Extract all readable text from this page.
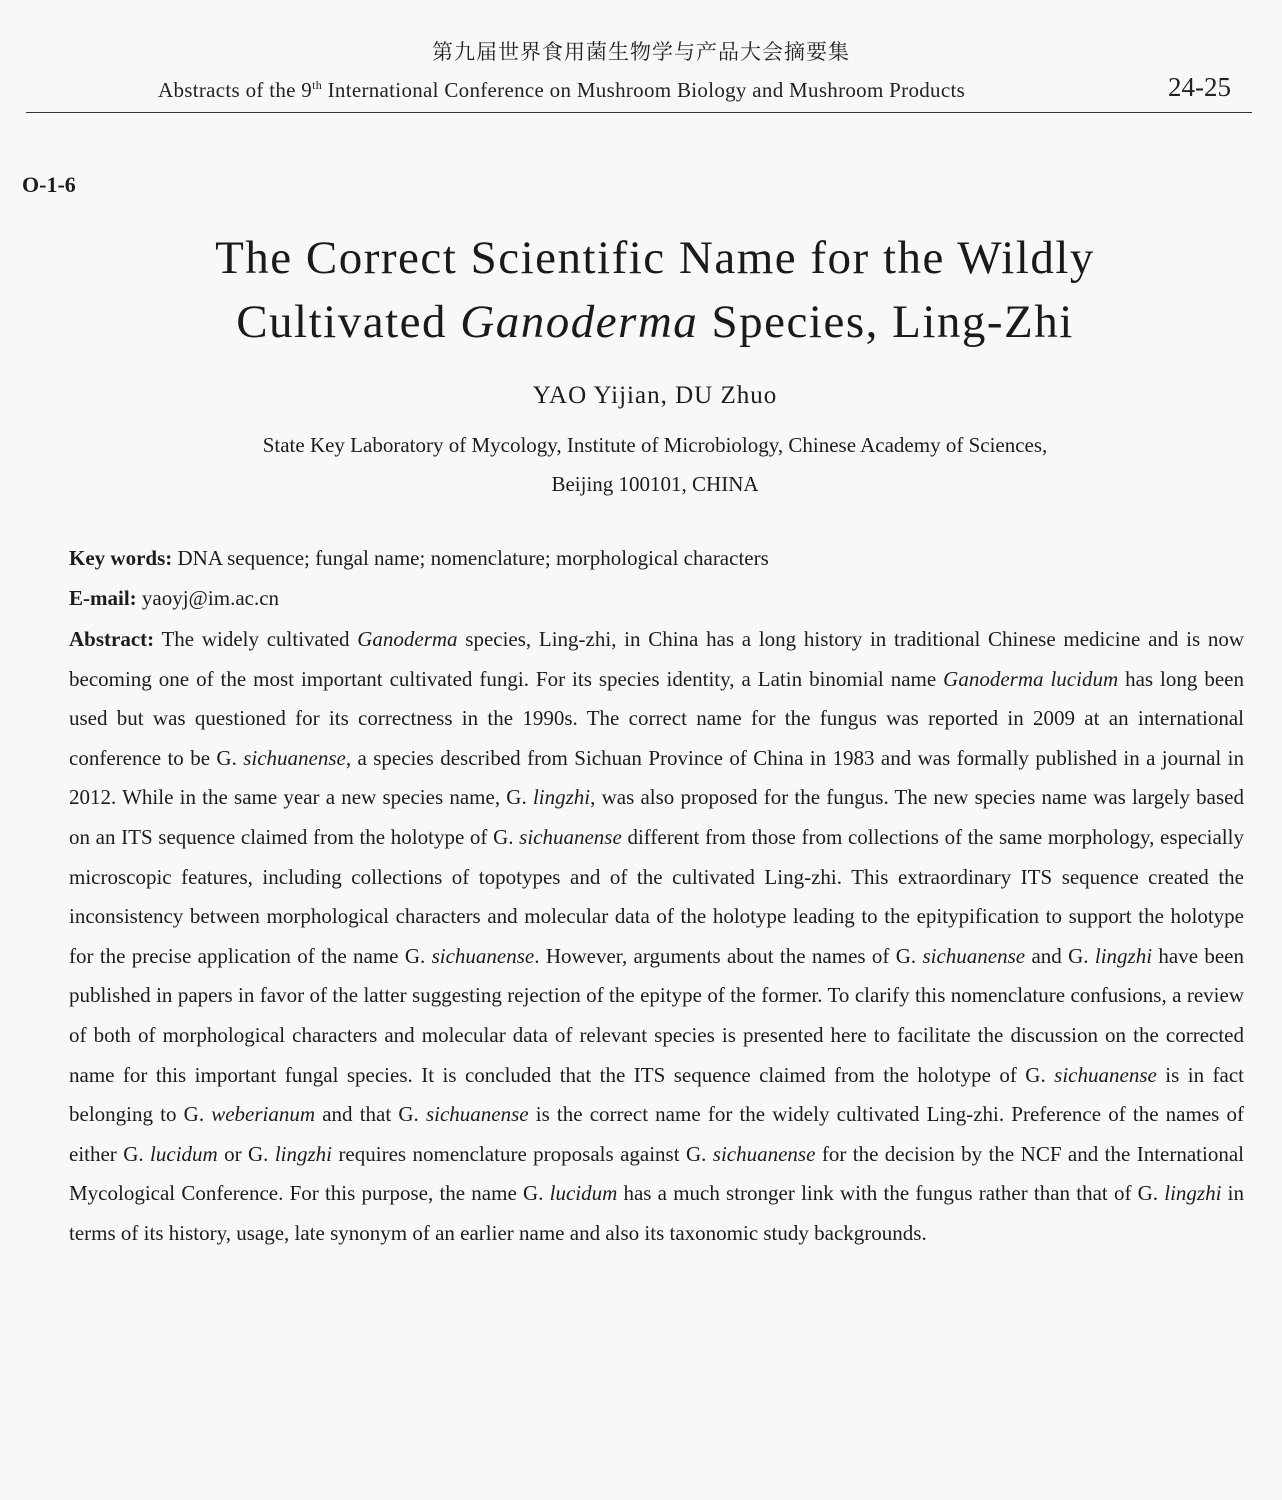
第九届世界食用菌生物学与产品大会摘要集
Abstracts of the 9th International Conference on Mushroom Biology and Mushroom Products	24-25
O-1-6
The Correct Scientific Name for the Wildly
Cultivated Ganoderma Species, Ling-Zhi
YAO Yijian, DU Zhuo
State Key Laboratory of Mycology, Institute of Microbiology, Chinese Academy of Sciences,
Beijing 100101, CHINA
Key words: DNA sequence; fungal name; nomenclature; morphological characters
E-mail: yaoyj@im.ac.cn
Abstract: The widely cultivated Ganoderma species, Ling-zhi, in China has a long history in traditional Chinese medicine and is now becoming one of the most important cultivated fungi. For its species identity, a Latin binomial name Ganoderma lucidum has long been used but was questioned for its correctness in the 1990s. The correct name for the fungus was reported in 2009 at an international conference to be G. sichuanense, a species described from Sichuan Province of China in 1983 and was formally published in a journal in 2012. While in the same year a new species name, G. lingzhi, was also proposed for the fungus. The new species name was largely based on an ITS sequence claimed from the holotype of G. sichuanense different from those from collections of the same morphology, especially microscopic features, including collections of topotypes and of the cultivated Ling-zhi. This extraordinary ITS sequence created the inconsistency between morphological characters and molecular data of the holotype leading to the epitypification to support the holotype for the precise application of the name G. sichuanense. However, arguments about the names of G. sichuanense and G. lingzhi have been published in papers in favor of the latter suggesting rejection of the epitype of the former. To clarify this nomenclature confusions, a review of both of morphological characters and molecular data of relevant species is presented here to facilitate the discussion on the corrected name for this important fungal species. It is concluded that the ITS sequence claimed from the holotype of G. sichuanense is in fact belonging to G. weberianum and that G. sichuanense is the correct name for the widely cultivated Ling-zhi. Preference of the names of either G. lucidum or G. lingzhi requires nomenclature proposals against G. sichuanense for the decision by the NCF and the International Mycological Conference. For this purpose, the name G. lucidum has a much stronger link with the fungus rather than that of G. lingzhi in terms of its history, usage, late synonym of an earlier name and also its taxonomic study backgrounds.
